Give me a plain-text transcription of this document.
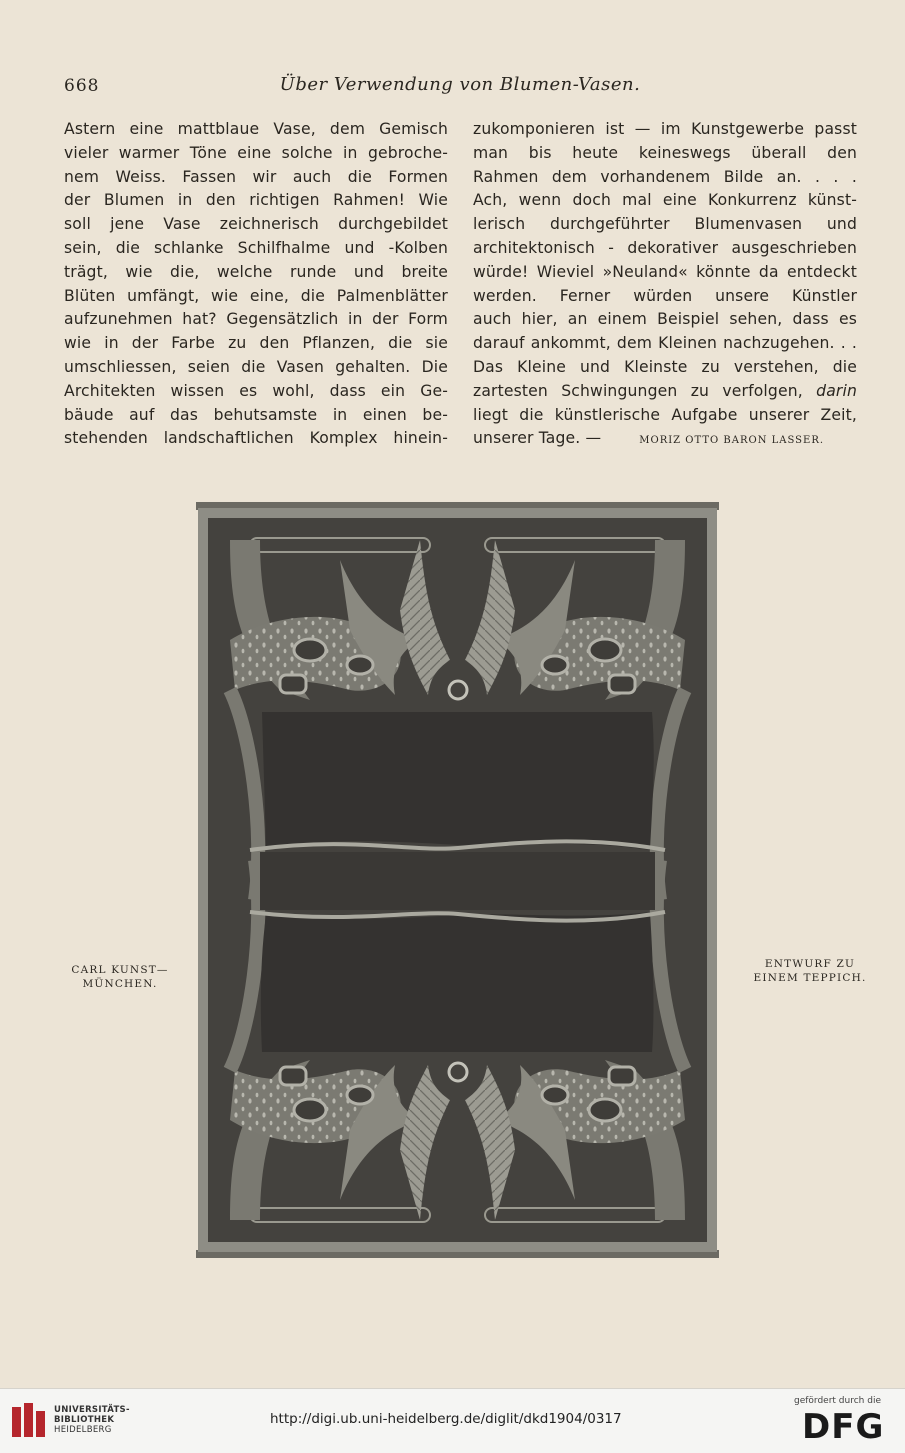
668	Über Verwendung von Blumen-Vasen.
Astern eine mattblaue Vase, dem Gemisch
vieler warmer Töne eine solche in gebroche-
nem Weiss. Fassen wir auch die Formen
der Blumen in den richtigen Rahmen! Wie
soll jene Vase zeichnerisch durchgebildet
sein, die schlanke Schilfhalme und -Kolben
trägt, wie die, welche runde und breite
Blüten umfängt, wie eine, die Palmenblätter
aufzunehmen hat? Gegensätzlich in der Form
wie in der Farbe zu den Pflanzen, die sie
umschliessen, seien die Vasen gehalten. Die
Architekten wissen es wohl, dass ein Ge-
bäude auf das behutsamste in einen be-
stehenden landschaftlichen Komplex hinein-
zukomponieren ist — im Kunstgewerbe passt
man bis heute keineswegs überall den
Rahmen dem vorhandenem Bilde an. . . .
Ach, wenn doch mal eine Konkurrenz künst-
lerisch durchgeführter Blumenvasen und
architektonisch - dekorativer ausgeschrieben
würde! Wieviel »Neuland« könnte da entdeckt
werden. Ferner würden unsere Künstler
auch hier, an einem Beispiel sehen, dass es
darauf ankommt, dem Kleinen nachzugehen. . .
Das Kleine und Kleinste zu verstehen, die
zartesten Schwingungen zu verfolgen, darin
liegt die künstlerische Aufgabe unserer Zeit,
unserer Tage. —	MORIZ OTTO BARON LASSER.
CARL KUNST—
MÜNCHEN.
ENTWURF ZU
EINEM TEPPICH.
UNIVERSITÄTS-
BIBLIOTHEK
HEIDELBERG
http://digi.ub.uni-heidelberg.de/diglit/dkd1904/0317
gefördert durch die
DFG
